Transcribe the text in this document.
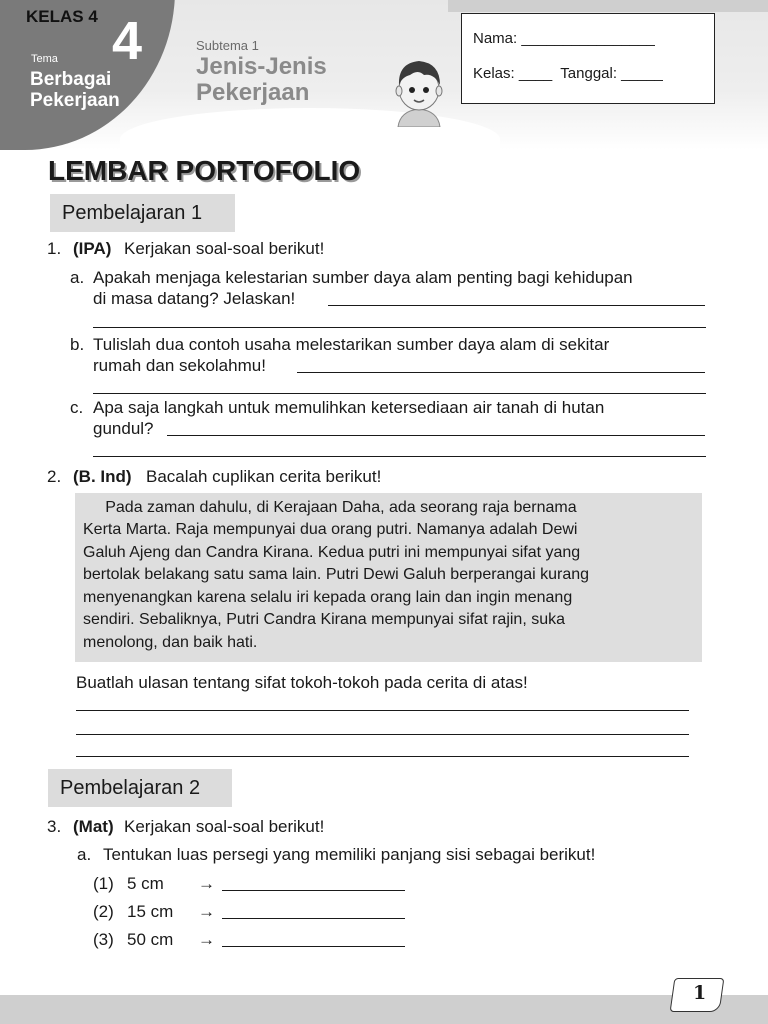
KELAS 4 4
Tema
Berbagai Pekerjaan
Subtema 1
Jenis-Jenis Pekerjaan
Nama: ________________
Kelas: ____  Tanggal: _____
LEMBAR PORTOFOLIO
Pembelajaran 1
1. (IPA) Kerjakan soal-soal berikut!
a. Apakah menjaga kelestarian sumber daya alam penting bagi kehidupan
di masa datang? Jelaskan!
b. Tulislah dua contoh usaha melestarikan sumber daya alam di sekitar
rumah dan sekolahmu!
c. Apa saja langkah untuk memulihkan ketersediaan air tanah di hutan
gundul?
2. (B. Ind) Bacalah cuplikan cerita berikut!
Pada zaman dahulu, di Kerajaan Daha, ada seorang raja bernama
Kerta Marta. Raja mempunyai dua orang putri. Namanya adalah Dewi
Galuh Ajeng dan Candra Kirana. Kedua putri ini mempunyai sifat yang
bertolak belakang satu sama lain. Putri Dewi Galuh berperangai kurang
menyenangkan karena selalu iri kepada orang lain dan ingin menang
sendiri. Sebaliknya, Putri Candra Kirana mempunyai sifat rajin, suka
menolong, dan baik hati.
Buatlah ulasan tentang sifat tokoh-tokoh pada cerita di atas!
Pembelajaran 2
3. (Mat) Kerjakan soal-soal berikut!
a. Tentukan luas persegi yang memiliki panjang sisi sebagai berikut!
(1) 5 cm →
(2) 15 cm →
(3) 50 cm →
1
